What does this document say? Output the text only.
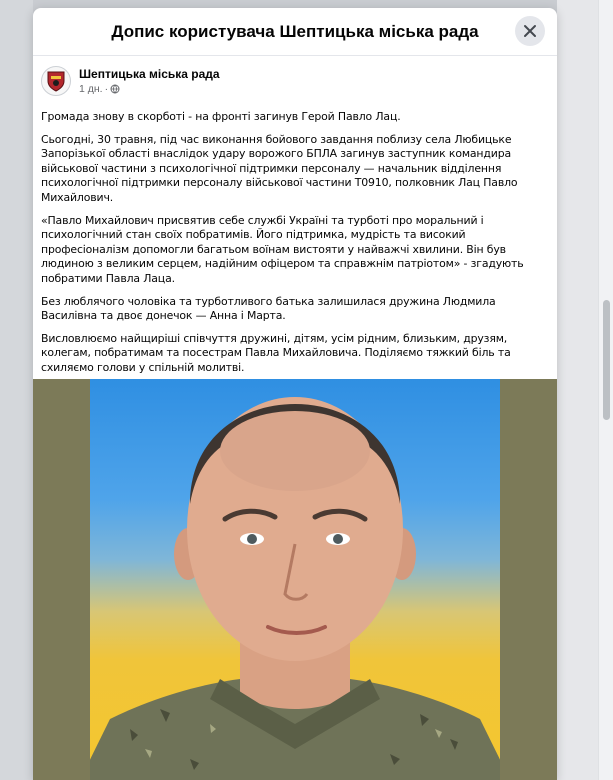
Допис користувача Шептицька міська рада
Шептицька міська рада
1 дн. ·

Громада знову в скорботі - на фронті загинув Герой Павло Лац.

Сьогодні, 30 травня, під час виконання бойового завдання поблизу села Любицьке Запорізької області внаслідок удару ворожого БПЛА загинув заступник командира військової частини з психологічної підтримки персоналу — начальник відділення психологічної підтримки персоналу військової частини Т0910, полковник Лац Павло Михайлович.

«Павло Михайлович присвятив себе службі Україні та турботі про моральний і психологічний стан своїх побратимів. Його підтримка, мудрість та високий професіоналізм допомогли багатьом воїнам вистояти у найважчі хвилини. Він був людиною з великим серцем, надійним офіцером та справжнім патріотом» - згадують побратими Павла Лаца.

Без люблячого чоловіка та турботливого батька залишилася дружина Людмила Василівна та двоє донечок — Анна і Марта.

Висловлюємо найщиріші співчуття дружині, дітям, усім рідним, близьким, друзям, колегам, побратимам та посестрам Павла Михайловича. Поділяємо тяжкий біль та схиляємо голови у спільній молитві.
